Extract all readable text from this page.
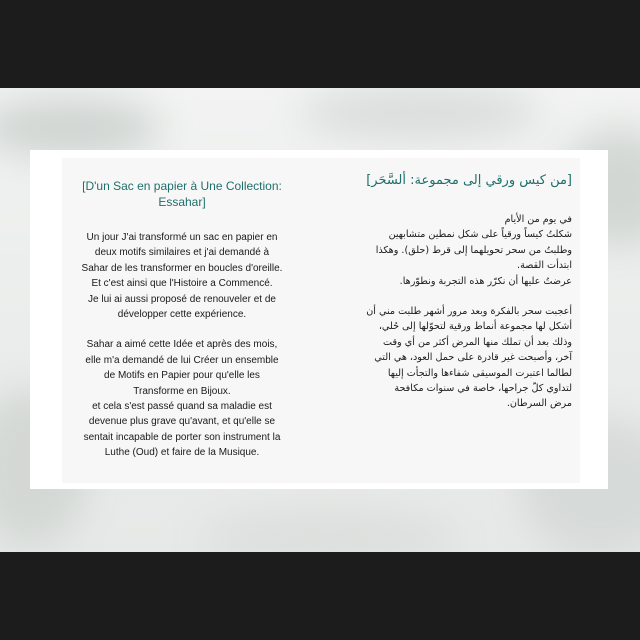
[D'un Sac en papier à Une Collection:
Essahar]

Un jour J'ai transformé un sac en papier en
deux motifs similaires et j'ai demandé à
Sahar de les transformer en boucles d'oreille.
Et c'est ainsi que l'Histoire a Commencé.
Je lui ai aussi proposé de renouveler et de
développer cette expérience.

Sahar a aimé cette Idée et après des mois,
elle m'a demandé de lui Créer un ensemble
de Motifs en Papier pour qu'elle les
Transforme en Bijoux.
et cela s'est passé quand sa maladie est
devenue plus grave qu'avant, et qu'elle se
sentait incapable de porter son instrument la
Luthe (Oud) et faire de la Musique.

[من كيس ورقي إلى مجموعة: ألسَّحَر]

في يوم من الأيام
شكلتُ كيساً ورقياً على شكل نمطين متشابهين
وطلبتُ من سحر تحويلهما إلى قرط (حلق). وهكذا
ابتدأت القصة.
عرضتُ عليها أن نكرّر هذه التجربة ونطوّرها.

أعجبت سحر بالفكرة وبعد مرور أشهر طلبت مني أن
أشكل لها مجموعة أنماط ورقية لتحوّلها إلى حُلي،
وذلك بعد أن تملك منها المرض أكثر من أي وقت
آخر، وأصبحت غير قادرة على حمل العود، هي التي
لطالما اعتبرت الموسيقى شفاءها والتجأت إليها
لتداوي كلّ جراحها، خاصة في سنوات مكافحة
مرض السرطان.
